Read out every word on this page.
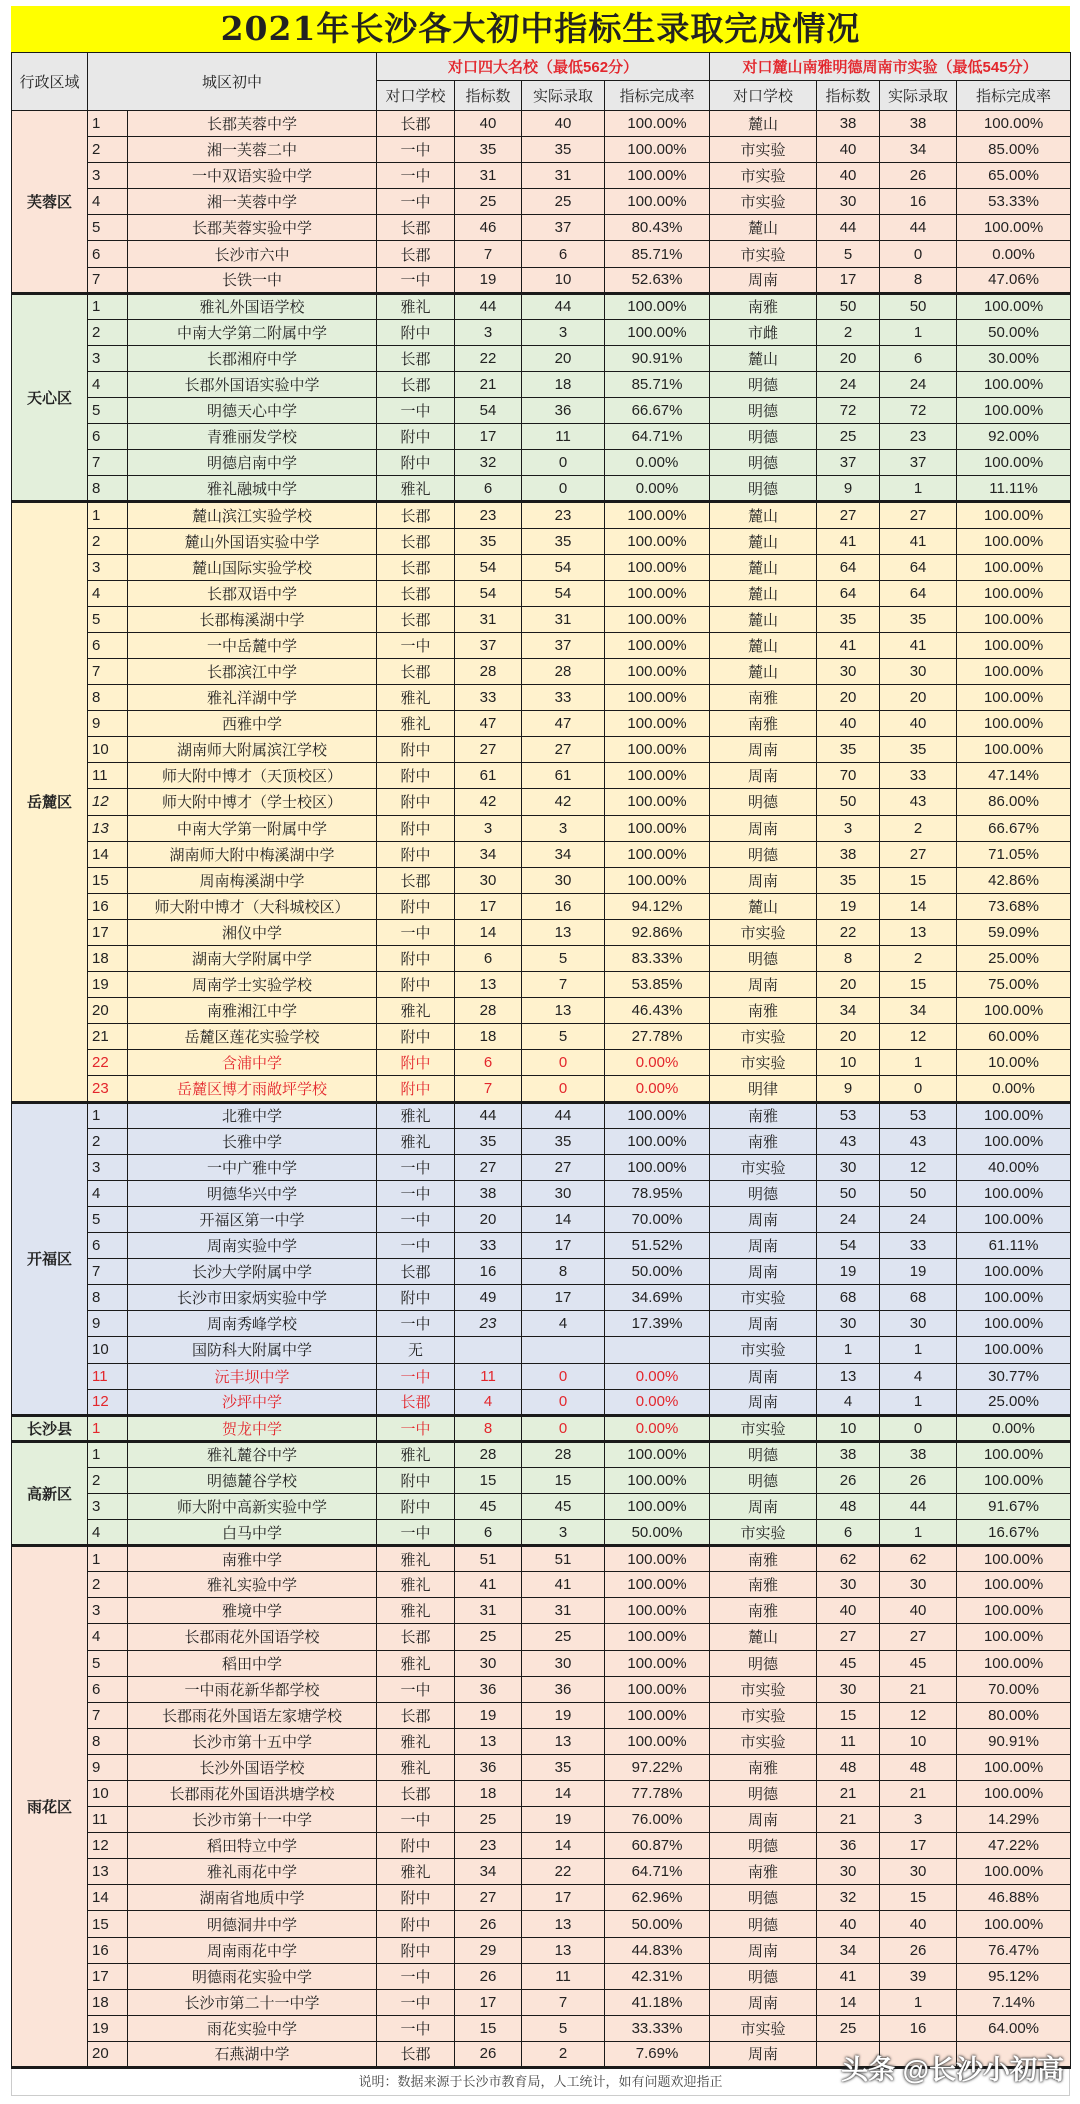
2021年长沙各大初中指标生录取完成情况
行政区域	城区初中		对口四大名校（最低562分）				对口麓山南雅明德周南市实验（最低545分）			
			对口学校	指标数	实际录取	指标完成率	对口学校	指标数	实际录取	指标完成率
芙蓉区	1	长郡芙蓉中学	长郡	40	40	100.00%	麓山	38	38	100.00%
	2	湘一芙蓉二中	一中	35	35	100.00%	市实验	40	34	85.00%
	3	一中双语实验中学	一中	31	31	100.00%	市实验	40	26	65.00%
	4	湘一芙蓉中学	一中	25	25	100.00%	市实验	30	16	53.33%
	5	长郡芙蓉实验中学	长郡	46	37	80.43%	麓山	44	44	100.00%
	6	长沙市六中	长郡	7	6	85.71%	市实验	5	0	0.00%
	7	长铁一中	一中	19	10	52.63%	周南	17	8	47.06%
天心区	1	雅礼外国语学校	雅礼	44	44	100.00%	南雅	50	50	100.00%
	2	中南大学第二附属中学	附中	3	3	100.00%	市雌	2	1	50.00%
	3	长郡湘府中学	长郡	22	20	90.91%	麓山	20	6	30.00%
	4	长郡外国语实验中学	长郡	21	18	85.71%	明德	24	24	100.00%
	5	明德天心中学	一中	54	36	66.67%	明德	72	72	100.00%
	6	青雅丽发学校	附中	17	11	64.71%	明德	25	23	92.00%
	7	明德启南中学	附中	32	0	0.00%	明德	37	37	100.00%
	8	雅礼融城中学	雅礼	6	0	0.00%	明德	9	1	11.11%
岳麓区	1	麓山滨江实验学校	长郡	23	23	100.00%	麓山	27	27	100.00%
	2	麓山外国语实验中学	长郡	35	35	100.00%	麓山	41	41	100.00%
	3	麓山国际实验学校	长郡	54	54	100.00%	麓山	64	64	100.00%
	4	长郡双语中学	长郡	54	54	100.00%	麓山	64	64	100.00%
	5	长郡梅溪湖中学	长郡	31	31	100.00%	麓山	35	35	100.00%
	6	一中岳麓中学	一中	37	37	100.00%	麓山	41	41	100.00%
	7	长郡滨江中学	长郡	28	28	100.00%	麓山	30	30	100.00%
	8	雅礼洋湖中学	雅礼	33	33	100.00%	南雅	20	20	100.00%
	9	西雅中学	雅礼	47	47	100.00%	南雅	40	40	100.00%
	10	湖南师大附属滨江学校	附中	27	27	100.00%	周南	35	35	100.00%
	11	师大附中博才（天顶校区）	附中	61	61	100.00%	周南	70	33	47.14%
	12	师大附中博才（学士校区）	附中	42	42	100.00%	明德	50	43	86.00%
	13	中南大学第一附属中学	附中	3	3	100.00%	周南	3	2	66.67%
	14	湖南师大附中梅溪湖中学	附中	34	34	100.00%	明德	38	27	71.05%
	15	周南梅溪湖中学	长郡	30	30	100.00%	周南	35	15	42.86%
	16	师大附中博才（大科城校区）	附中	17	16	94.12%	麓山	19	14	73.68%
	17	湘仪中学	一中	14	13	92.86%	市实验	22	13	59.09%
	18	湖南大学附属中学	附中	6	5	83.33%	明德	8	2	25.00%
	19	周南学士实验学校	附中	13	7	53.85%	周南	20	15	75.00%
	20	南雅湘江中学	雅礼	28	13	46.43%	南雅	34	34	100.00%
	21	岳麓区莲花实验学校	附中	18	5	27.78%	市实验	20	12	60.00%
	22	含浦中学	附中	6	0	0.00%	市实验	10	1	10.00%
	23	岳麓区博才雨敞坪学校	附中	7	0	0.00%	明律	9	0	0.00%
开福区	1	北雅中学	雅礼	44	44	100.00%	南雅	53	53	100.00%
	2	长雅中学	雅礼	35	35	100.00%	南雅	43	43	100.00%
	3	一中广雅中学	一中	27	27	100.00%	市实验	30	12	40.00%
	4	明德华兴中学	一中	38	30	78.95%	明德	50	50	100.00%
	5	开福区第一中学	一中	20	14	70.00%	周南	24	24	100.00%
	6	周南实验中学	一中	33	17	51.52%	周南	54	33	61.11%
	7	长沙大学附属中学	长郡	16	8	50.00%	周南	19	19	100.00%
	8	长沙市田家炳实验中学	附中	49	17	34.69%	市实验	68	68	100.00%
	9	周南秀峰学校	一中	23	4	17.39%	周南	30	30	100.00%
	10	国防科大附属中学	无				市实验	1	1	100.00%
	11	沅丰坝中学	一中	11	0	0.00%	周南	13	4	30.77%
	12	沙坪中学	长郡	4	0	0.00%	周南	4	1	25.00%
长沙县	1	贺龙中学	一中	8	0	0.00%	市实验	10	0	0.00%
高新区	1	雅礼麓谷中学	雅礼	28	28	100.00%	明德	38	38	100.00%
	2	明德麓谷学校	附中	15	15	100.00%	明德	26	26	100.00%
	3	师大附中高新实验中学	附中	45	45	100.00%	周南	48	44	91.67%
	4	白马中学	一中	6	3	50.00%	市实验	6	1	16.67%
雨花区	1	南雅中学	雅礼	51	51	100.00%	南雅	62	62	100.00%
	2	雅礼实验中学	雅礼	41	41	100.00%	南雅	30	30	100.00%
	3	雅境中学	雅礼	31	31	100.00%	南雅	40	40	100.00%
	4	长郡雨花外国语学校	长郡	25	25	100.00%	麓山	27	27	100.00%
	5	稻田中学	雅礼	30	30	100.00%	明德	45	45	100.00%
	6	一中雨花新华都学校	一中	36	36	100.00%	市实验	30	21	70.00%
	7	长郡雨花外国语左家塘学校	长郡	19	19	100.00%	市实验	15	12	80.00%
	8	长沙市第十五中学	雅礼	13	13	100.00%	市实验	11	10	90.91%
	9	长沙外国语学校	雅礼	36	35	97.22%	南雅	48	48	100.00%
	10	长郡雨花外国语洪塘学校	长郡	18	14	77.78%	明德	21	21	100.00%
	11	长沙市第十一中学	一中	25	19	76.00%	周南	21	3	14.29%
	12	稻田特立中学	附中	23	14	60.87%	明德	36	17	47.22%
	13	雅礼雨花中学	雅礼	34	22	64.71%	南雅	30	30	100.00%
	14	湖南省地质中学	附中	27	17	62.96%	明德	32	15	46.88%
	15	明德洞井中学	附中	26	13	50.00%	明德	40	40	100.00%
	16	周南雨花中学	附中	29	13	44.83%	周南	34	26	76.47%
	17	明德雨花实验中学	一中	26	11	42.31%	明德	41	39	95.12%
	18	长沙市第二十一中学	一中	17	7	41.18%	周南	14	1	7.14%
	19	雨花实验中学	一中	15	5	33.33%	市实验	25	16	64.00%
	20	石燕湖中学	长郡	26	2	7.69%	周南			
说明：数据来源于长沙市教育局，人工统计，如有问题欢迎指正	头条 @长沙小初高
